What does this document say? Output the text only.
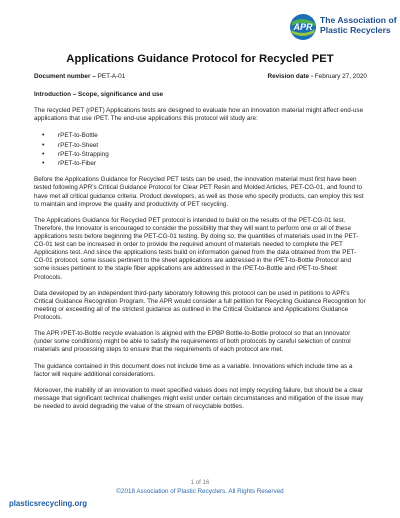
APR
The Association of
Plastic Recyclers
Applications Guidance Protocol for Recycled PET
Document number – PET-A-01	Revision date - February 27, 2020
Introduction – Scope, significance and use

The recycled PET (rPET) Applications tests are designed to evaluate how an innovation material might affect end-use applications that use rPET. The end-use applications this protocol will study are:

• rPET-to-Bottle
• rPET-to-Sheet
• rPET-to-Strapping
• rPET-to-Fiber

Before the Applications Guidance for Recycled PET tests can be used, the innovation material must first have been tested following APR’s Critical Guidance Protocol for Clear PET Resin and Molded Articles, PET-CG-01, and found to have met all critical guidance criteria. Product developers, as well as those who specify products, can employ this test to maintain and improve the quality and productivity of PET recycling.

The Applications Guidance for Recycled PET protocol is intended to build on the results of the PET-CG-01 test. Therefore, the Innovator is encouraged to consider the possibility that they will want to perform one or all of these applications tests before beginning the PET-CG-01 testing. By doing so, the quantities of materials used in the PET-CG-01 test can be increased in order to provide the required amount of materials needed to complete the PET Applications test. And since the applications tests build on information gained from the data obtained from the PET-CG-01 protocol, some issues pertinent to the sheet applications are addressed in the rPET-to-Bottle Protocol and some issues pertinent to the staple fiber applications are addressed in the rPET-to-Bottle and rPET-to-Sheet Protocols.

Data developed by an independent third-party laboratory following this protocol can be used in petitions to APR’s Critical Guidance Recognition Program. The APR would consider a full petition for Recycling Guidance Recognition for meeting or exceeding all of the strictest guidance as outlined in the Critical Guidance and Applications Guidance Protocols.

The APR rPET-to-Bottle recycle evaluation is aligned with the EPBP Bottle-to-Bottle protocol so that an Innovator (under some conditions) might be able to satisfy the requirements of both protocols by careful selection of control materials and processing steps to ensure that the requirements of each protocol are met.

The guidance contained in this document does not include time as a variable. Innovations which include time as a factor will require additional considerations.

Moreover, the inability of an innovation to meet specified values does not imply recycling failure, but should be a clear message that significant technical challenges might exist under certain circumstances and mitigation of the issue may be needed to avoid degrading the value of the stream of recyclable bottles.

1 of 16
©2018 Association of Plastic Recyclers. All Rights Reserved
plasticsrecycling.org
